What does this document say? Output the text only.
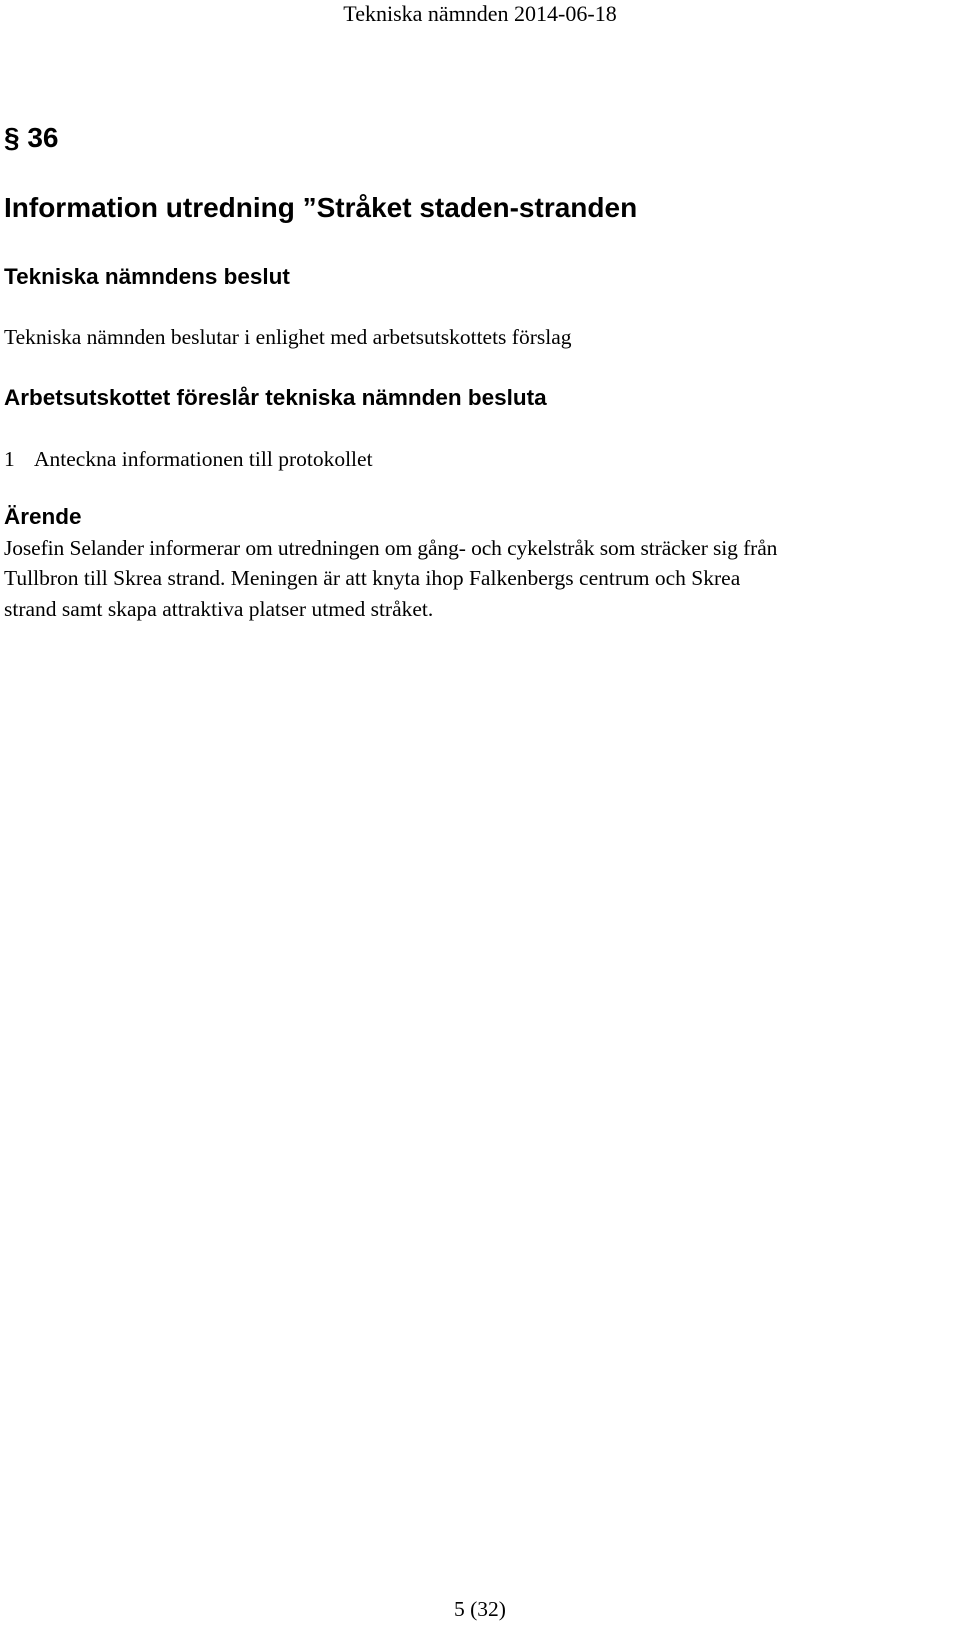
Tekniska nämnden 2014-06-18
§ 36
Information utredning ”Stråket staden-stranden
Tekniska nämndens beslut
Tekniska nämnden beslutar i enlighet med arbetsutskottets förslag
Arbetsutskottet föreslår tekniska nämnden besluta
1 Anteckna informationen till protokollet
Ärende
Josefin Selander informerar om utredningen om gång- och cykelstråk som sträcker sig från
Tullbron till Skrea strand. Meningen är att knyta ihop Falkenbergs centrum och Skrea
strand samt skapa attraktiva platser utmed stråket.
5 (32)
